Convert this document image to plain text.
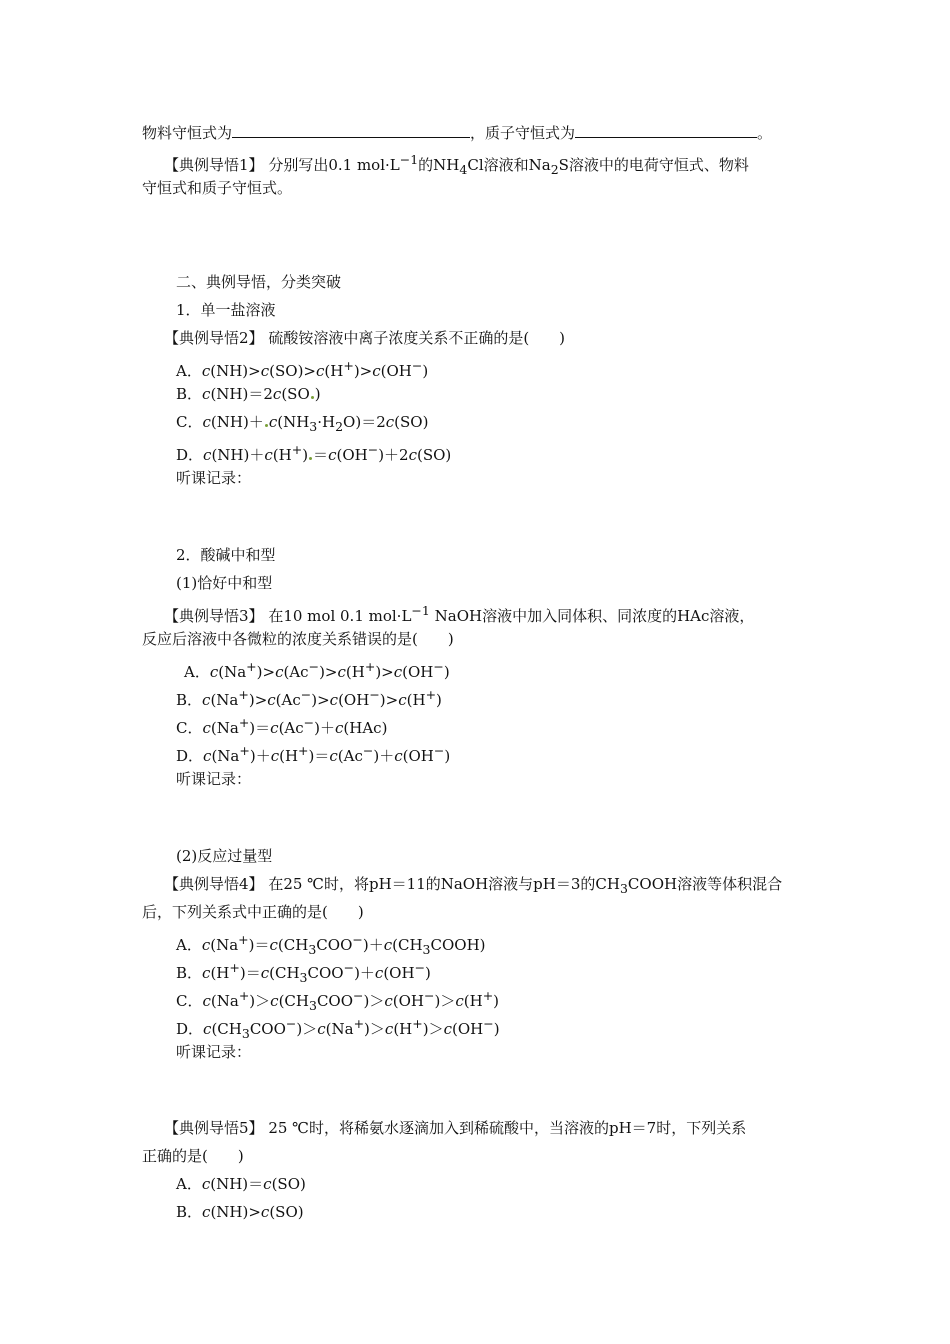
物料守恒式为	，质子守恒式为	。
【典例导悟1】 分别写出0.1 $mol\cdot L^{-1}$的$NH_4Cl$溶液和$Na_2S$溶液中的电荷守恒式、物料
守恒式和质子守恒式。
二、典例导悟，分类突破
1．单一盐溶液
【典例导悟2】 硫酸铵溶液中离子浓度关系不正确的是(　　)
A．c(NH)>c(SO)>c(H+)>c(OH−)
B．c(NH)＝2c(SO )
C．$c(NH)+ c(NH_3\cdot H_2O)=2c(SO)$
D．c(NH)＋c(H+) ＝c(OH−)＋2c(SO)
听课记录：
2．酸碱中和型
(1)恰好中和型
【典例导悟3】 在10 mol 0.1 $mol\cdot L^{-1}$ NaOH溶液中加入同体积、同浓度的HAc溶液，
反应后溶液中各微粒的浓度关系错误的是(　　)
A．c(Na+)>c(Ac−)>c(H+)>c(OH−)
B．c(Na+)>c(Ac−)>c(OH−)>c(H+)
C．c(Na+)＝c(Ac−)＋c(HAc)
D．c(Na+)＋c(H+)＝c(Ac−)＋c(OH−)
听课记录：
(2)反应过量型
【典例导悟4】 在25 ℃时，将pH＝11的NaOH溶液与pH＝3的$CH_3COOH$溶液等体积混合
后，下列关系式中正确的是(　　)
A．$c(Na^+)=c(CH_3COO^-)+c(CH_3COOH)$
B．$c(H^+)=c(CH_3COO^-)+c(OH^-)$
C．$c(Na^+)>c(CH_3COO^-)>c(OH^-)>c(H^+)$
D．$c(CH_3COO^-)>c(Na^+)>c(H^+)>c(OH^-)$
听课记录：
【典例导悟5】 25 ℃时，将稀氨水逐滴加入到稀硫酸中，当溶液的pH＝7时，下列关系
正确的是(　　)
A．c(NH)＝c(SO)
B．c(NH)>c(SO)
